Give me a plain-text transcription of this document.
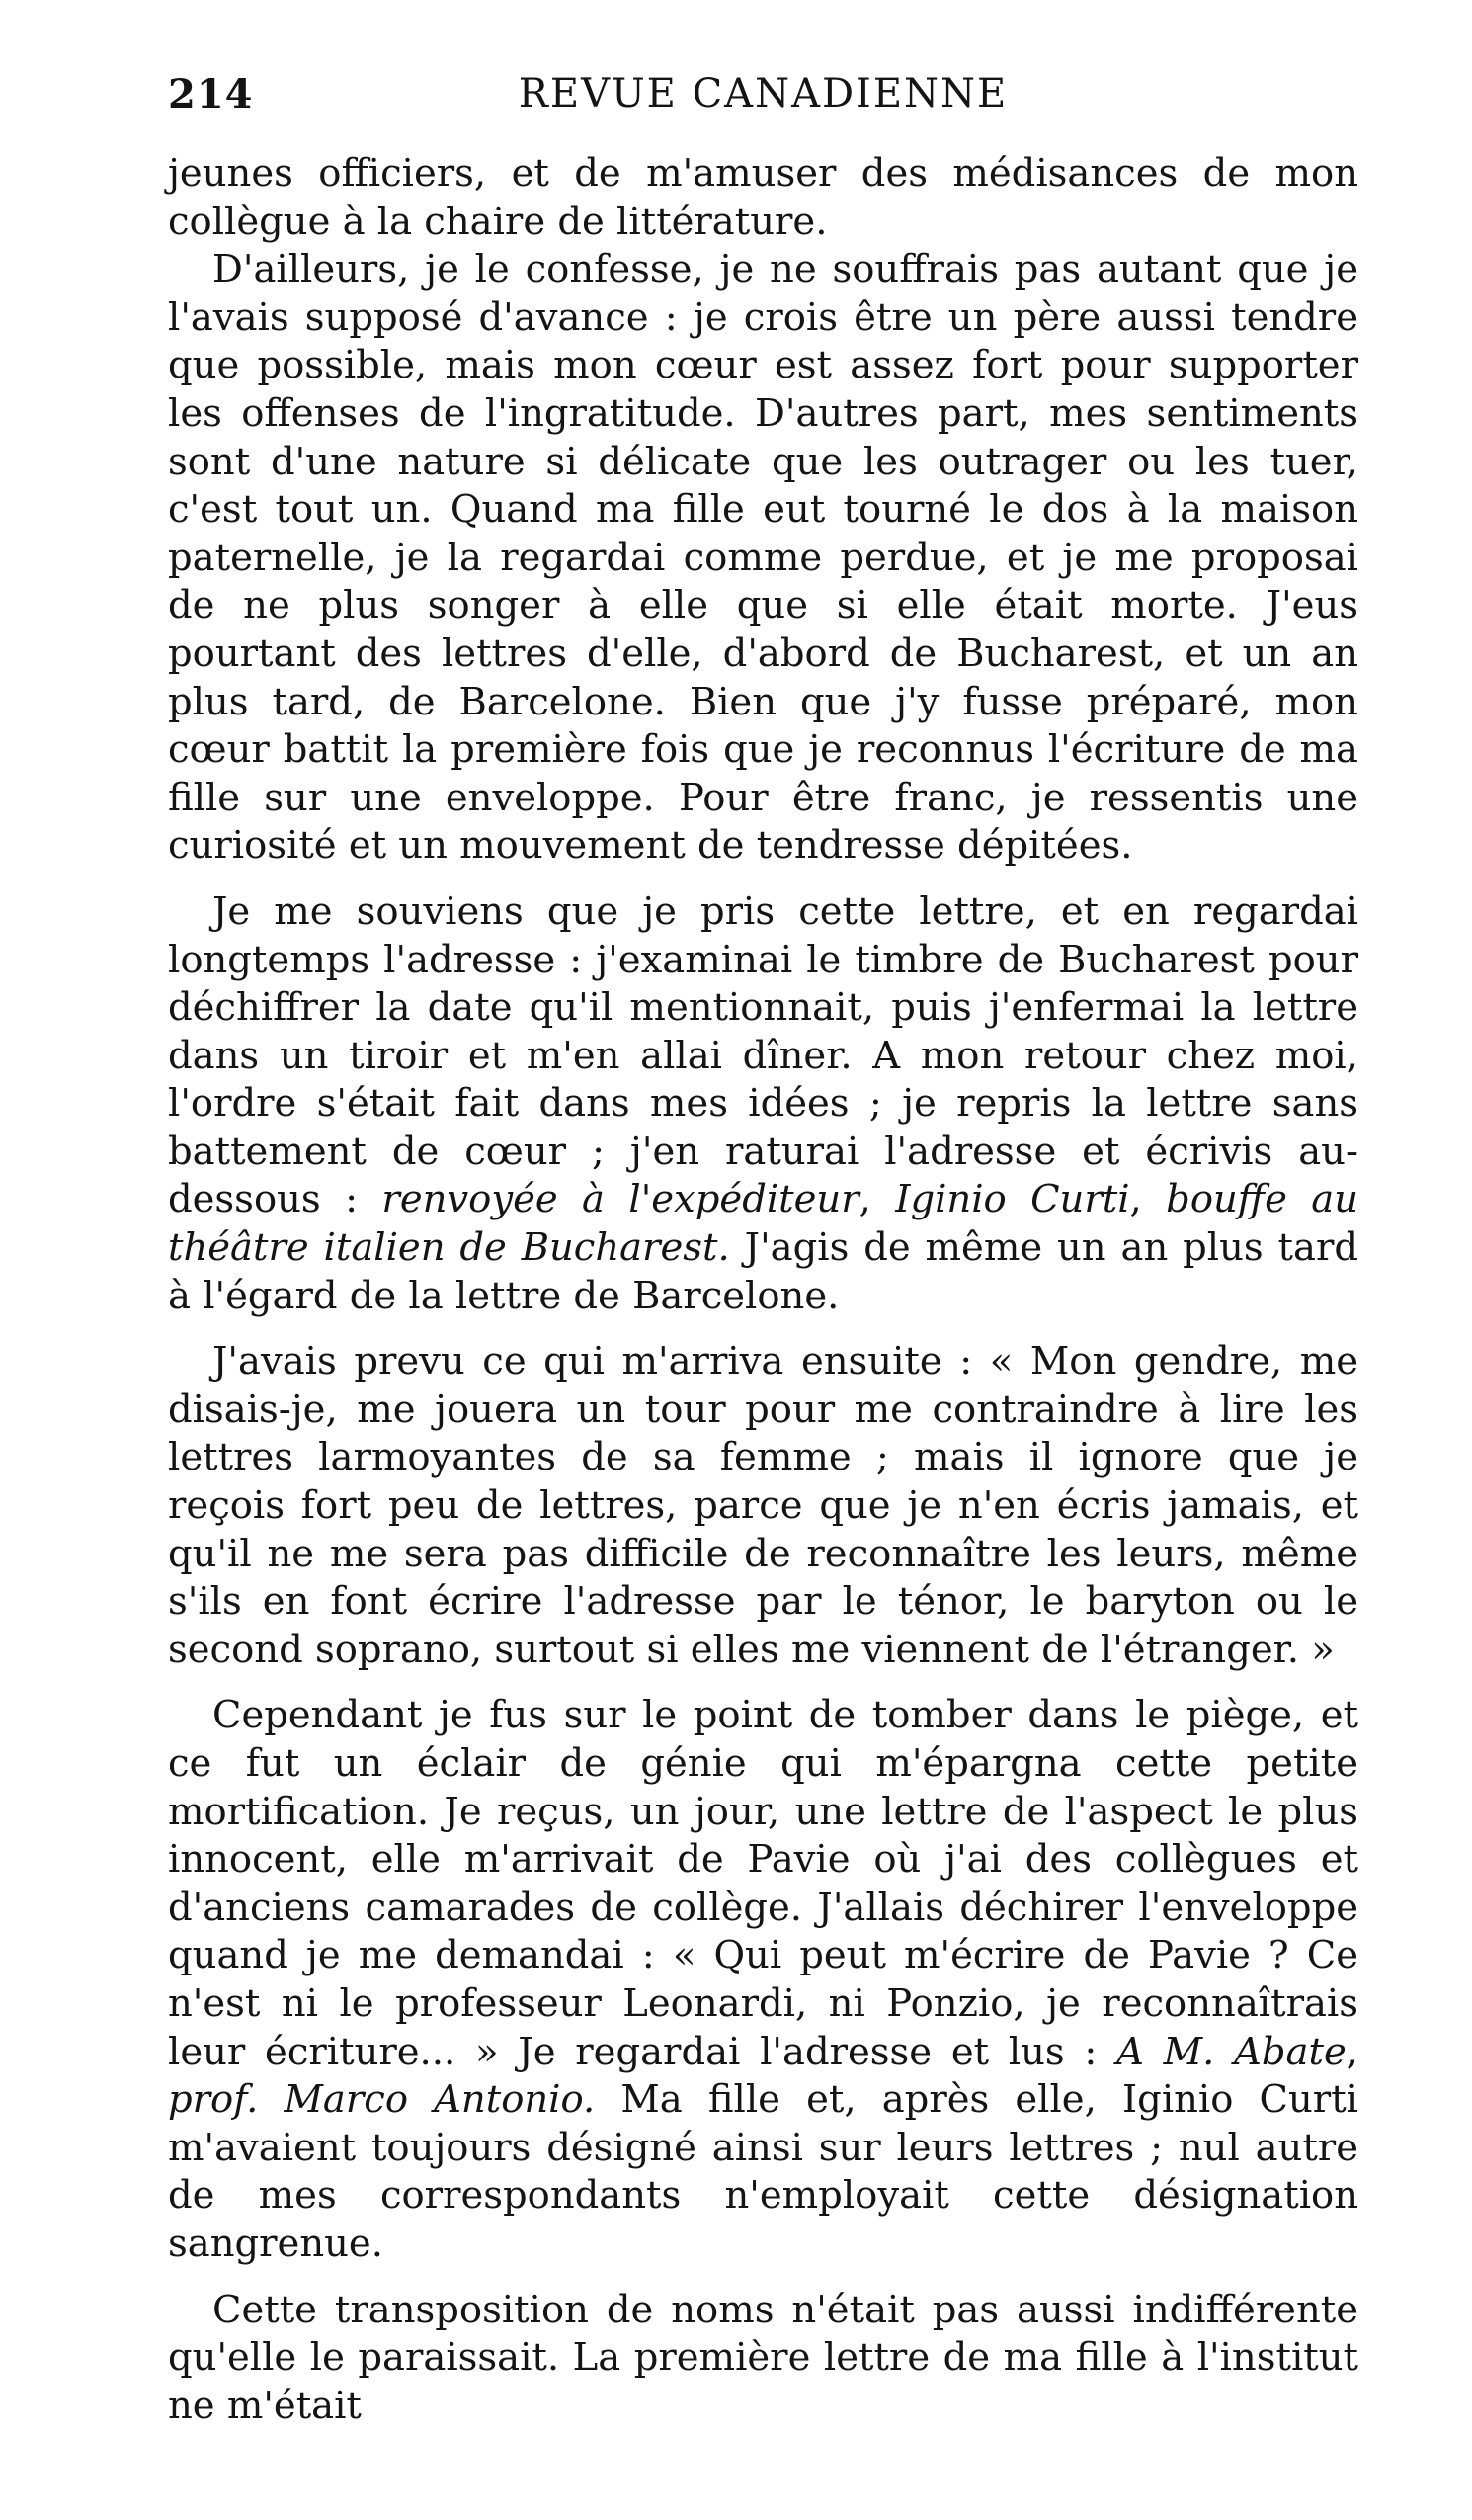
214	REVUE CANADIENNE

jeunes officiers, et de m'amuser des médisances de mon collègue à la chaire de littérature.

D'ailleurs, je le confesse, je ne souffrais pas autant que je l'avais supposé d'avance : je crois être un père aussi tendre que possible, mais mon cœur est assez fort pour supporter les offenses de l'ingratitude. D'autres part, mes sentiments sont d'une nature si délicate que les outrager ou les tuer, c'est tout un. Quand ma fille eut tourné le dos à la maison paternelle, je la regardai comme perdue, et je me proposai de ne plus songer à elle que si elle était morte. J'eus pourtant des lettres d'elle, d'abord de Bucharest, et un an plus tard, de Barcelone. Bien que j'y fusse préparé, mon cœur battit la première fois que je reconnus l'écriture de ma fille sur une enveloppe. Pour être franc, je ressentis une curiosité et un mouvement de tendresse dépitées.

Je me souviens que je pris cette lettre, et en regardai longtemps l'adresse : j'examinai le timbre de Bucharest pour déchiffrer la date qu'il mentionnait, puis j'enfermai la lettre dans un tiroir et m'en allai dîner. A mon retour chez moi, l'ordre s'était fait dans mes idées ; je repris la lettre sans battement de cœur ; j'en raturai l'adresse et écrivis au-dessous : renvoyée à l'expéditeur, Iginio Curti, bouffe au théâtre italien de Bucharest. J'agis de même un an plus tard à l'égard de la lettre de Barcelone.

J'avais prevu ce qui m'arriva ensuite : « Mon gendre, me disais-je, me jouera un tour pour me contraindre à lire les lettres larmoyantes de sa femme ; mais il ignore que je reçois fort peu de lettres, parce que je n'en écris jamais, et qu'il ne me sera pas difficile de reconnaître les leurs, même s'ils en font écrire l'adresse par le ténor, le baryton ou le second soprano, surtout si elles me viennent de l'étranger. »

Cependant je fus sur le point de tomber dans le piège, et ce fut un éclair de génie qui m'épargna cette petite mortification. Je reçus, un jour, une lettre de l'aspect le plus innocent, elle m'arrivait de Pavie où j'ai des collègues et d'anciens camarades de collège. J'allais déchirer l'enveloppe quand je me demandai : « Qui peut m'écrire de Pavie ? Ce n'est ni le professeur Leonardi, ni Ponzio, je reconnaîtrais leur écriture... » Je regardai l'adresse et lus : A M. Abate, prof. Marco Antonio. Ma fille et, après elle, Iginio Curti m'avaient toujours désigné ainsi sur leurs lettres ; nul autre de mes correspondants n'employait cette désignation sangrenue.

Cette transposition de noms n'était pas aussi indifférente qu'elle le paraissait. La première lettre de ma fille à l'institut ne m'était
